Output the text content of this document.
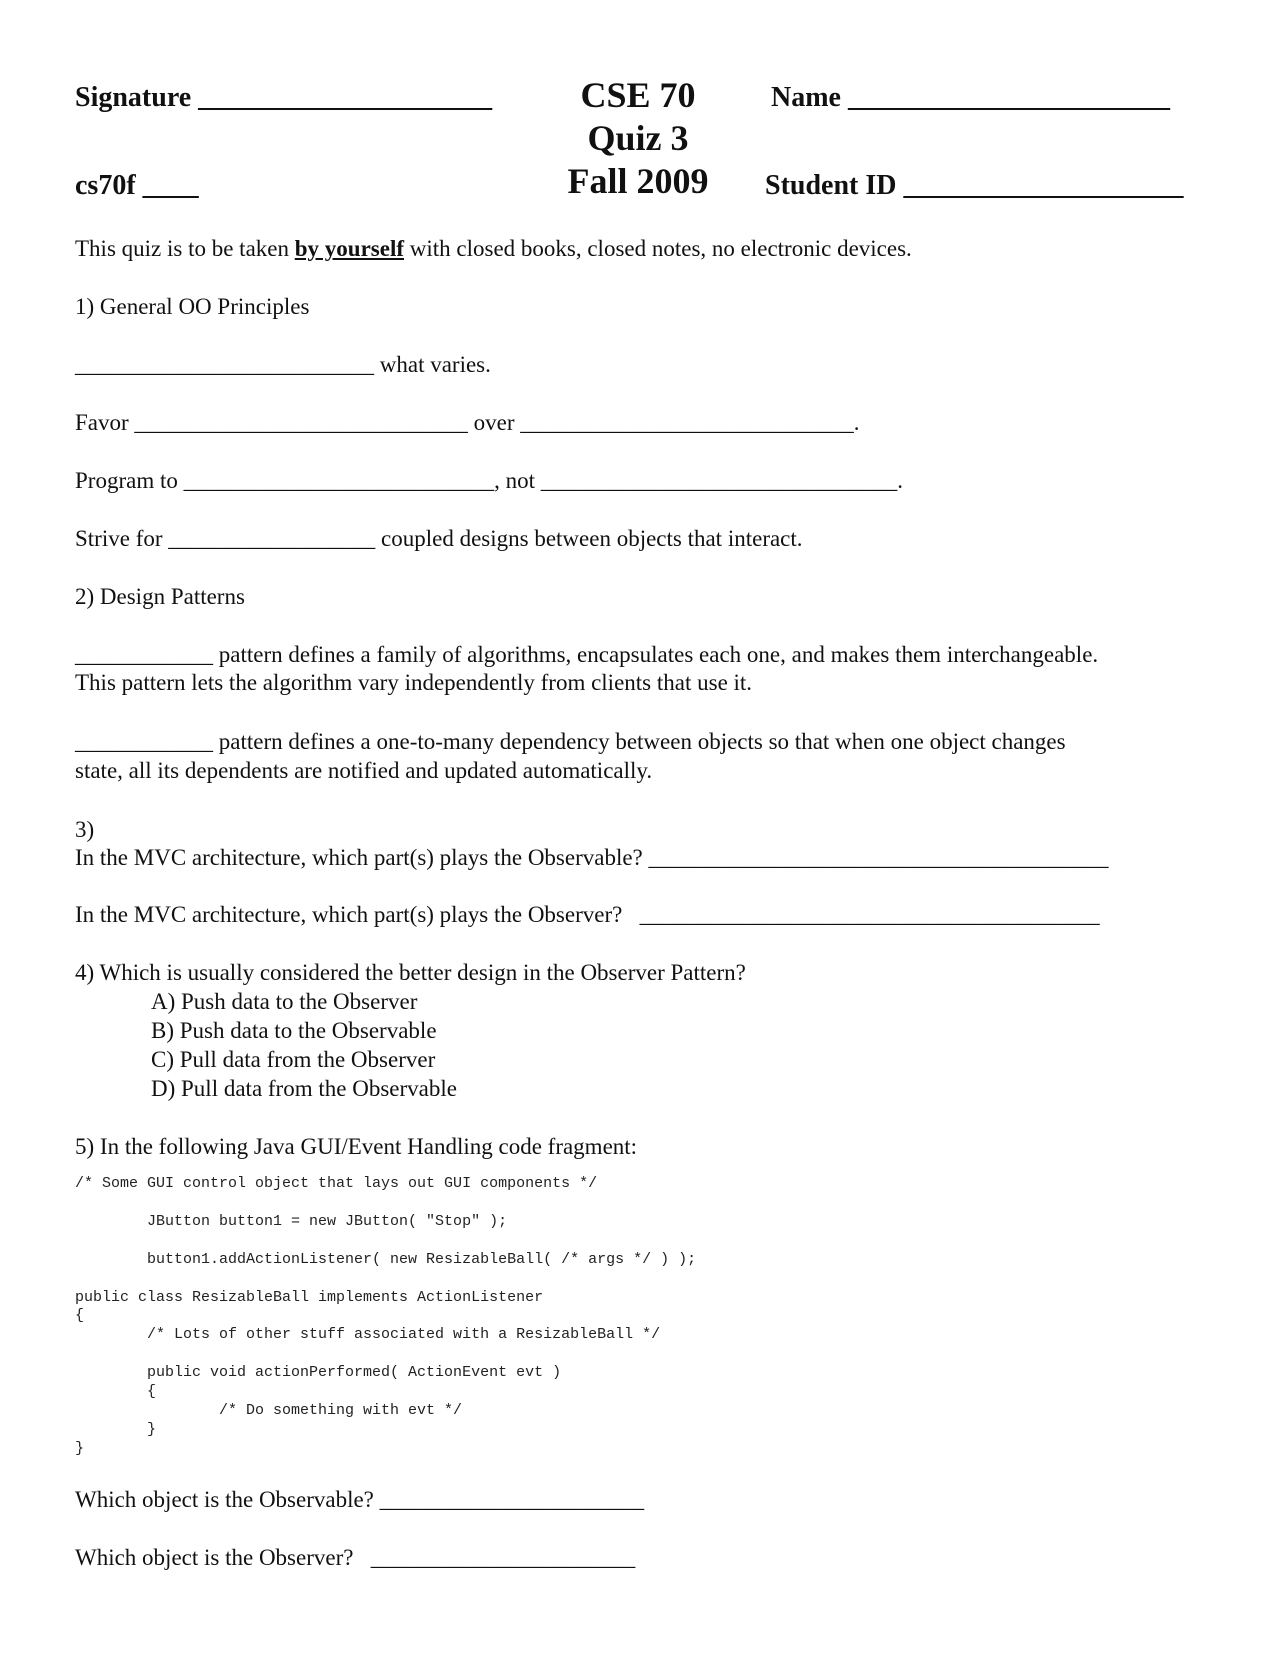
Signature _____________________	CSE 70
Quiz 3
Fall 2009
Name _______________________
cs70f ____	Student ID ____________________
This quiz is to be taken by yourself with closed books, closed notes, no electronic devices.
1) General OO Principles
__________________________ what varies.
Favor _____________________________ over _____________________________.
Program to ___________________________, not _______________________________.
Strive for __________________ coupled designs between objects that interact.
2) Design Patterns
____________ pattern defines a family of algorithms, encapsulates each one, and makes them interchangeable.
This pattern lets the algorithm vary independently from clients that use it.
____________ pattern defines a one-to-many dependency between objects so that when one object changes
state, all its dependents are notified and updated automatically.
3)
In the MVC architecture, which part(s) plays the Observable? ________________________________________
In the MVC architecture, which part(s) plays the Observer?   ________________________________________
4) Which is usually considered the better design in the Observer Pattern?
A) Push data to the Observer
B) Push data to the Observable
C) Pull data from the Observer
D) Pull data from the Observable
5) In the following Java GUI/Event Handling code fragment:
/* Some GUI control object that lays out GUI components */
JButton button1 = new JButton( "Stop" );
button1.addActionListener( new ResizableBall( /* args */ ) );
public class ResizableBall implements ActionListener
{
/* Lots of other stuff associated with a ResizableBall */
public void actionPerformed( ActionEvent evt )
{
/* Do something with evt */
}
}
Which object is the Observable? _______________________
Which object is the Observer?   _______________________
